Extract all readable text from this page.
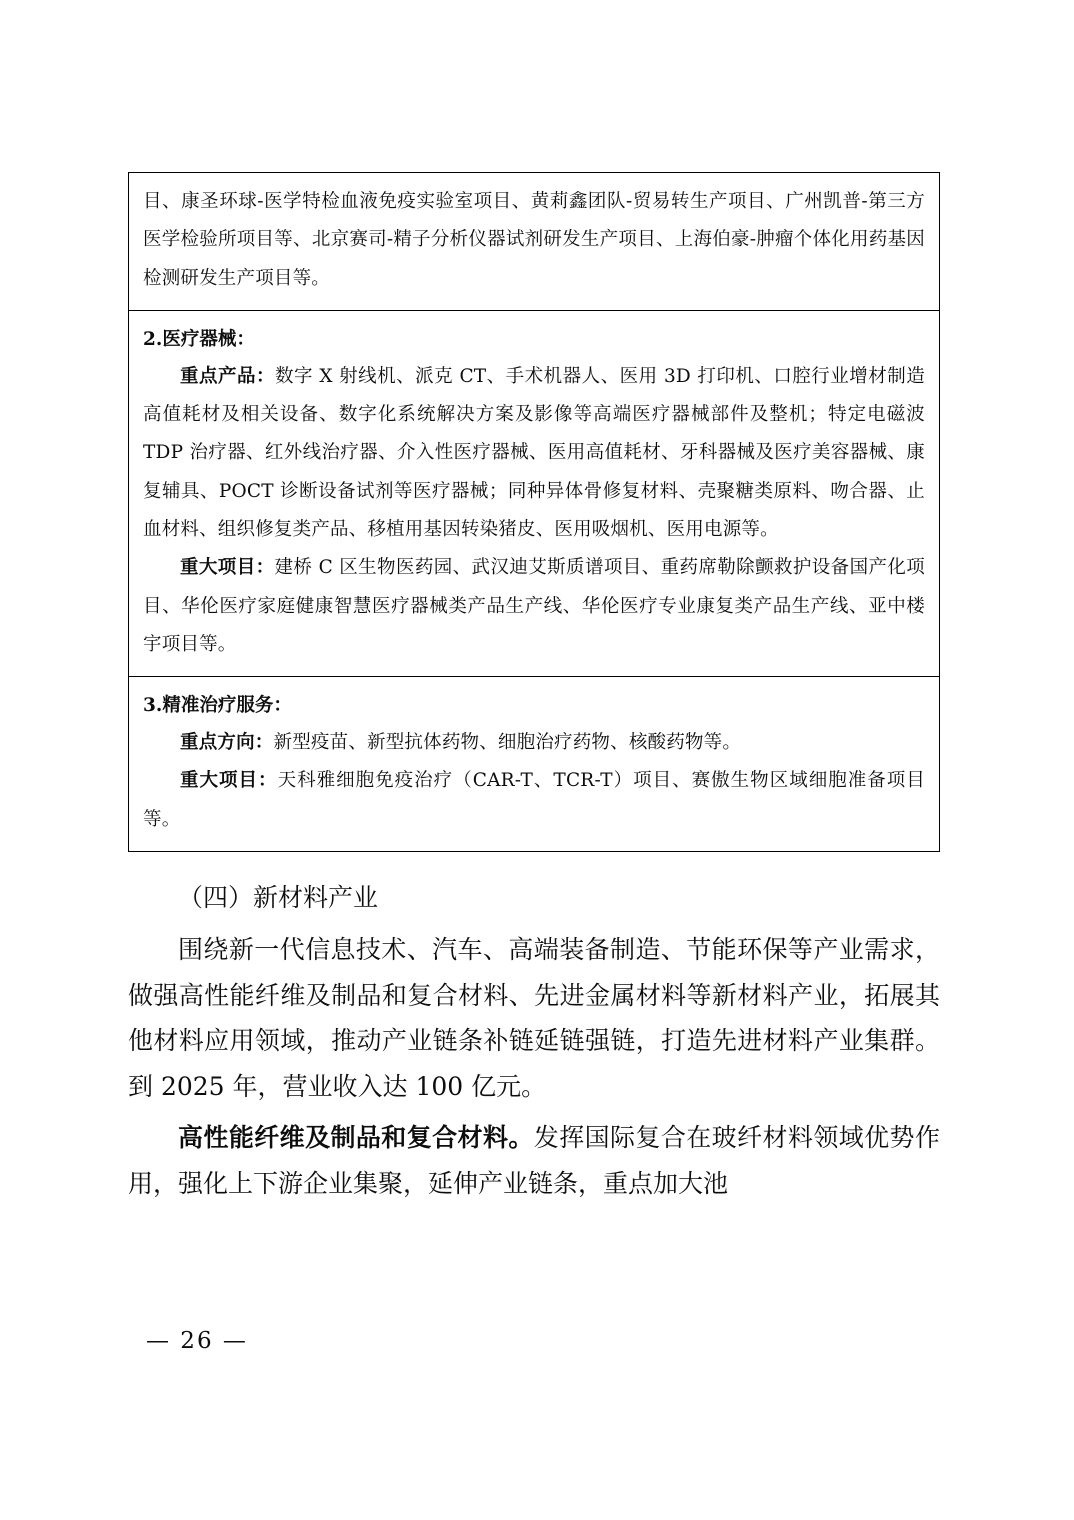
目、康圣环球-医学特检血液免疫实验室项目、黄莉鑫团队-贸易转生产项目、广州凯普-第三方医学检验所项目等、北京赛司-精子分析仪器试剂研发生产项目、上海伯豪-肿瘤个体化用药基因检测研发生产项目等。

2.医疗器械：
重点产品：数字 X 射线机、派克 CT、手术机器人、医用 3D 打印机、口腔行业增材制造高值耗材及相关设备、数字化系统解决方案及影像等高端医疗器械部件及整机；特定电磁波 TDP 治疗器、红外线治疗器、介入性医疗器械、医用高值耗材、牙科器械及医疗美容器械、康复辅具、POCT 诊断设备试剂等医疗器械；同种异体骨修复材料、壳聚糖类原料、吻合器、止血材料、组织修复类产品、移植用基因转染猪皮、医用吸烟机、医用电源等。
重大项目：建桥 C 区生物医药园、武汉迪艾斯质谱项目、重药席勒除颤救护设备国产化项目、华伦医疗家庭健康智慧医疗器械类产品生产线、华伦医疗专业康复类产品生产线、亚中楼宇项目等。

3.精准治疗服务：
重点方向：新型疫苗、新型抗体药物、细胞治疗药物、核酸药物等。
重大项目：天科雅细胞免疫治疗（CAR-T、TCR-T）项目、赛傲生物区域细胞准备项目等。
（四）新材料产业
围绕新一代信息技术、汽车、高端装备制造、节能环保等产业需求，做强高性能纤维及制品和复合材料、先进金属材料等新材料产业，拓展其他材料应用领域，推动产业链条补链延链强链，打造先进材料产业集群。到 2025 年，营业收入达 100 亿元。
高性能纤维及制品和复合材料。发挥国际复合在玻纤材料领域优势作用，强化上下游企业集聚，延伸产业链条，重点加大池
— 26 —
